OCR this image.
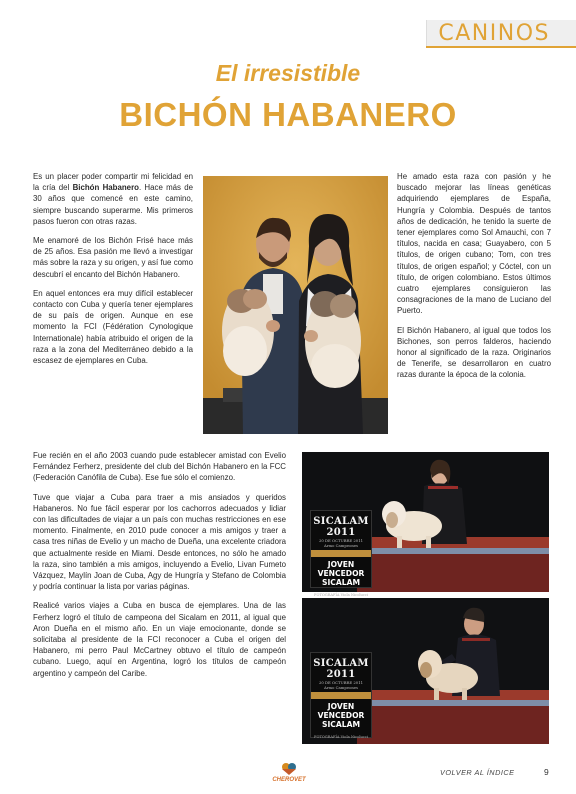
CANINOS
El irresistible
BICHÓN HABANERO

Es un placer poder compartir mi felicidad en la cría del Bichón Habanero. Hace más de 30 años que comencé en este camino, siempre buscando superarme. Mis primeros pasos fueron con otras razas.

Me enamoré de los Bichón Frisé hace más de 25 años. Esa pasión me llevó a investigar más sobre la raza y su origen, y así fue como descubrí el encanto del Bichón Habanero.

En aquel entonces era muy difícil establecer contacto con Cuba y quería tener ejemplares de su país de origen. Aunque en ese momento la FCI (Fédération Cynologique Internationale) había atribuido el origen de la raza a la zona del Mediterráneo debido a la escasez de ejemplares en Cuba.

He amado esta raza con pasión y he buscado mejorar las líneas genéticas adquiriendo ejemplares de España, Hungría y Colombia. Después de tantos años de dedicación, he tenido la suerte de tener ejemplares como Sol Amauchi, con 7 títulos, nacida en casa; Guayabero, con 5 títulos, de origen cubano; Tom, con tres títulos, de origen español; y Cóctel, con un título, de origen colombiano. Estos últimos cuatro ejemplares consiguieron las consagraciones de la mano de Luciano del Puerto.

El Bichón Habanero, al igual que todos los Bichones, son perros falderos, haciendo honor al significado de la raza. Originarios de Tenerife, se desarrollaron en cuatro razas durante la época de la colonia.

Fue recién en el año 2003 cuando pude establecer amistad con Evelio Fernández Ferherz, presidente del club del Bichón Habanero en la FCC (Federación Canófila de Cuba). Ese fue sólo el comienzo.

Tuve que viajar a Cuba para traer a mis ansiados y queridos Habaneros. No fue fácil esperar por los cachorros adecuados y lidiar con las dificultades de viajar a un país con muchas restricciones en ese momento. Finalmente, en 2010 pude conocer a mis amigos y traer a casa tres niñas de Evelio y un macho de Dueña, una excelente criadora que actualmente reside en Miami. Desde entonces, no sólo he amado la raza, sino también a mis amigos, incluyendo a Evelio, Livan Fumeto Vázquez, Maylín Joan de Cuba, Agy de Hungría y Stefano de Colombia y podría continuar la lista por varias páginas.

Realicé varios viajes a Cuba en busca de ejemplares. Una de las Ferherz logró el título de campeona del Sicalam en 2011, al igual que Aron Dueña en el mismo año. En un viaje emocionante, donde se solicitaba al presidente de la FCI reconocer a Cuba el origen del Habanero, mi perro Paul McCartney obtuvo el título de campeón cubano. Luego, aquí en Argentina, logró los títulos de campeón argentino y campeón del Caribe.

SICALAM 2011
20 DE OCTUBRE 2011
Armo Campeones
JOVEN
VENCEDOR
SICALAM
FOTOGRAFÍA Viola Nicolucci
SICALAM 2011
20 DE OCTUBRE 2011
Armo Campeones
JOVEN
VENCEDOR
SICALAM
FOTOGRAFÍA Viola Nicolucci
CHEROVET
VOLVER AL ÍNDICE	9
